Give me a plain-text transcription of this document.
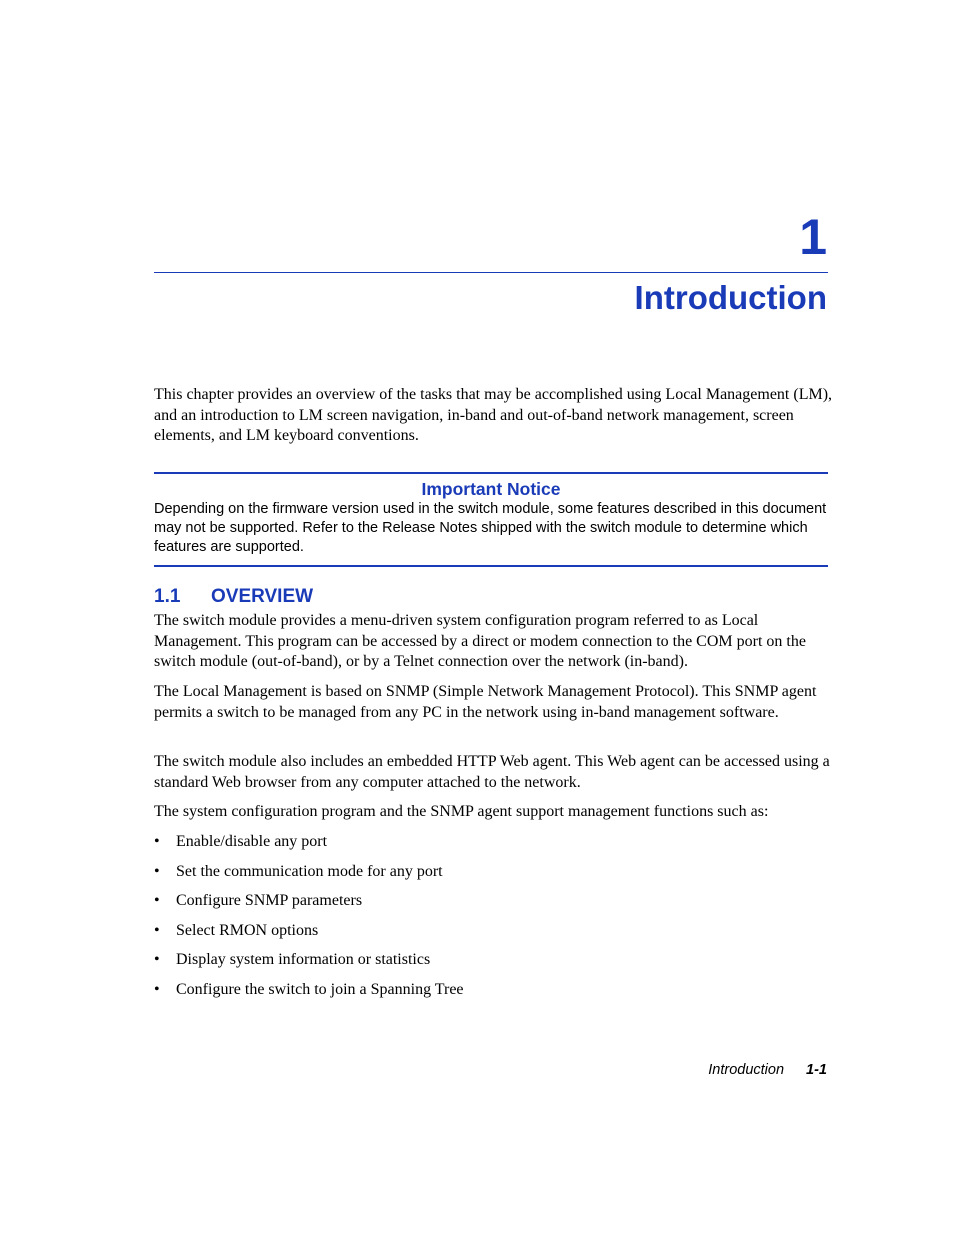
1
Introduction

This chapter provides an overview of the tasks that may be accomplished using Local Management (LM), and an introduction to LM screen navigation, in-band and out-of-band network management, screen elements, and LM keyboard conventions.

Important Notice

Depending on the firmware version used in the switch module, some features described in this document may not be supported. Refer to the Release Notes shipped with the switch module to determine which features are supported.

1.1 OVERVIEW

The switch module provides a menu-driven system configuration program referred to as Local Management. This program can be accessed by a direct or modem connection to the COM port on the switch module (out-of-band), or by a Telnet connection over the network (in-band).

The Local Management is based on SNMP (Simple Network Management Protocol). This SNMP agent permits a switch to be managed from any PC in the network using in-band management software.

The switch module also includes an embedded HTTP Web agent. This Web agent can be accessed using a standard Web browser from any computer attached to the network.

The system configuration program and the SNMP agent support management functions such as:

• Enable/disable any port
• Set the communication mode for any port
• Configure SNMP parameters
• Select RMON options
• Display system information or statistics
• Configure the switch to join a Spanning Tree
Introduction 1-1
